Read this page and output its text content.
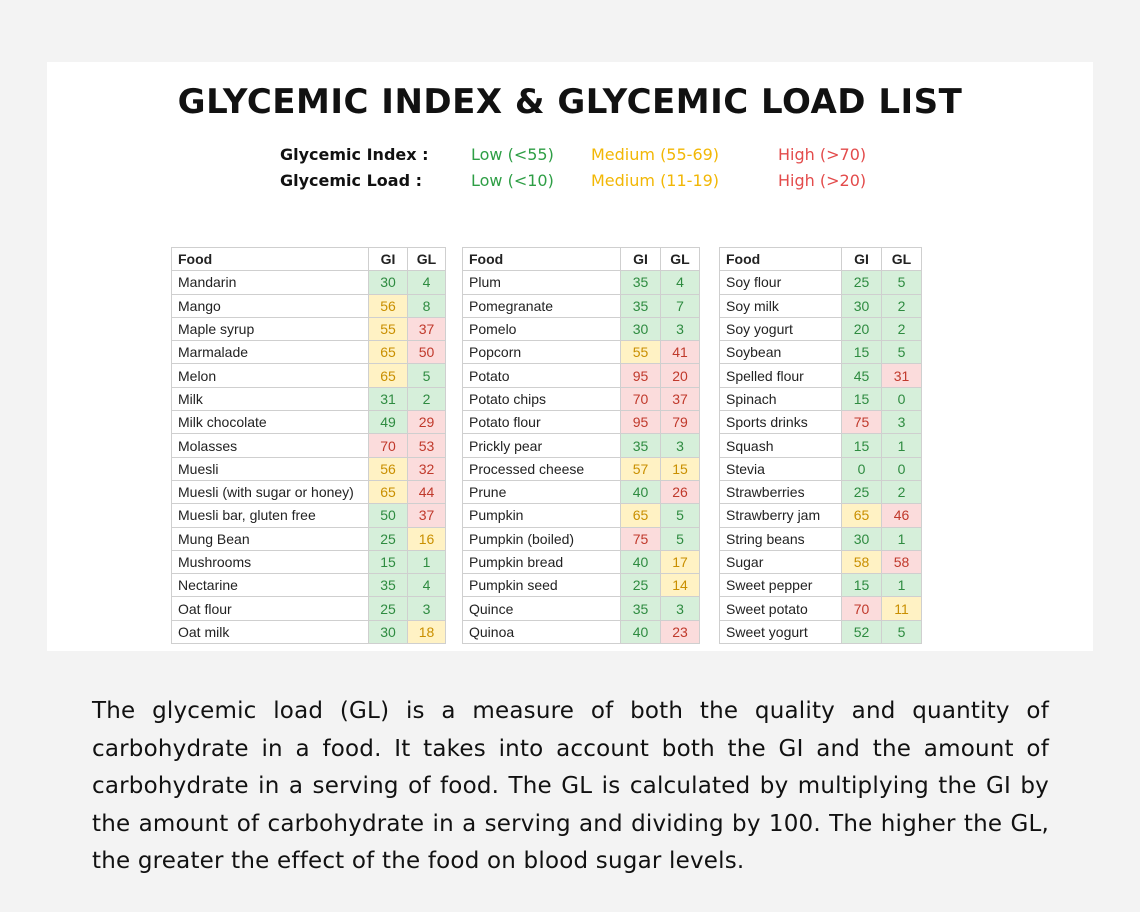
GLYCEMIC INDEX & GLYCEMIC LOAD LIST
Glycemic Index :	Low (<55) Medium (55-69)	High (>70)
Glycemic Load :	Low (<10) Medium (11-19)	High (>20)
Food	GI	GL
Mandarin	30	4
Mango	56	8
Maple syrup	55	37
Marmalade	65	50
Melon	65	5
Milk	31	2
Milk chocolate	49	29
Molasses	70	53
Muesli	56	32
Muesli (with sugar or honey)	65	44
Muesli bar, gluten free	50	37
Mung Bean	25	16
Mushrooms	15	1
Nectarine	35	4
Oat flour	25	3
Oat milk	30	18
Food	GI	GL
Plum	35	4
Pomegranate	35	7
Pomelo	30	3
Popcorn	55	41
Potato	95	20
Potato chips	70	37
Potato flour	95	79
Prickly pear	35	3
Processed cheese	57	15
Prune	40	26
Pumpkin	65	5
Pumpkin (boiled)	75	5
Pumpkin bread	40	17
Pumpkin seed	25	14
Quince	35	3
Quinoa	40	23
Food	GI	GL
Soy flour	25	5
Soy milk	30	2
Soy yogurt	20	2
Soybean	15	5
Spelled flour	45	31
Spinach	15	0
Sports drinks	75	3
Squash	15	1
Stevia	0	0
Strawberries	25	2
Strawberry jam	65	46
String beans	30	1
Sugar	58	58
Sweet pepper	15	1
Sweet potato	70	11
Sweet yogurt	52	5

The glycemic load (GL) is a measure of both the quality and quantity of carbohydrate in a food. It takes into account both the GI and the amount of carbohydrate in a serving of food. The GL is calculated by multiplying the GI by the amount of carbohydrate in a serving and dividing by 100. The higher the GL, the greater the effect of the food on blood sugar levels.
